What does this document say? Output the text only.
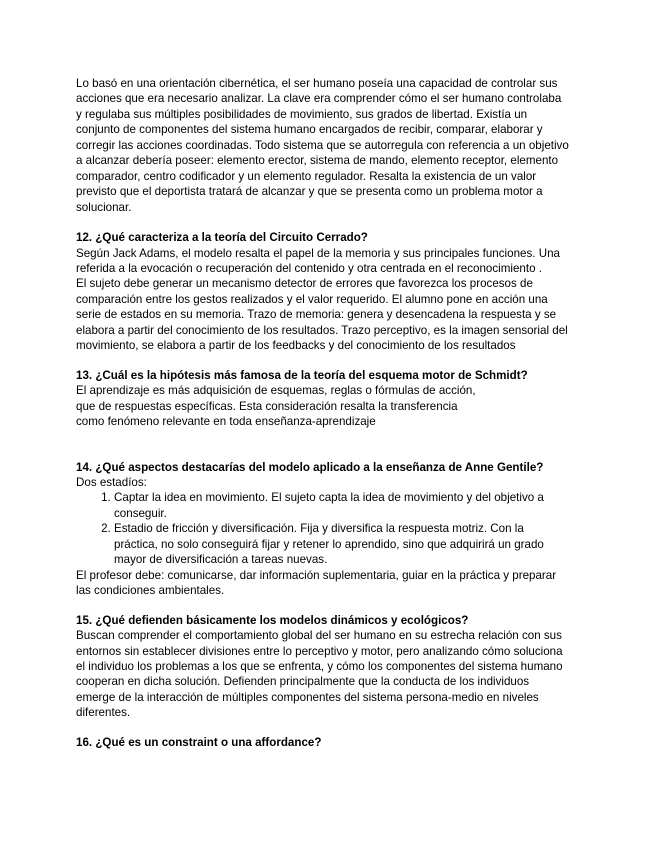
Lo basó en una orientación cibernética, el ser humano poseía una capacidad de controlar sus
acciones que era necesario analizar. La clave era comprender cómo el ser humano controlaba
y regulaba sus múltiples posibilidades de movimiento, sus grados de libertad. Existía un
conjunto de componentes del sistema humano encargados de recibir, comparar, elaborar y
corregir las acciones coordinadas. Todo sistema que se autorregula con referencia a un objetivo
a alcanzar debería poseer: elemento erector, sistema de mando, elemento receptor, elemento
comparador, centro codificador y un elemento regulador. Resalta la existencia de un valor
previsto que el deportista tratará de alcanzar y que se presenta como un problema motor a
solucionar.

12. ¿Qué caracteriza a la teoría del Circuito Cerrado?

Según Jack Adams, el modelo resalta el papel de la memoria y sus principales funciones. Una
referida a la evocación o recuperación del contenido y otra centrada en el reconocimiento .
El sujeto debe generar un mecanismo detector de errores que favorezca los procesos de
comparación entre los gestos realizados y el valor requerido. El alumno pone en acción una
serie de estados en su memoria. Trazo de memoria: genera y desencadena la respuesta y se
elabora a partir del conocimiento de los resultados. Trazo perceptivo, es la imagen sensorial del
movimiento, se elabora a partir de los feedbacks y del conocimiento de los resultados

13. ¿Cuál es la hipótesis más famosa de la teoría del esquema motor de Schmidt?

El aprendizaje es más adquisición de esquemas, reglas o fórmulas de acción,
que de respuestas específicas. Esta consideración resalta la transferencia
como fenómeno relevante en toda enseñanza-aprendizaje

14. ¿Qué aspectos destacarías del modelo aplicado a la enseñanza de Anne Gentile?

Dos estadíos:

1. Captar la idea en movimiento. El sujeto capta la idea de movimiento y del objetivo a
conseguir.
2. Estadio de fricción y diversificación. Fija y diversifica la respuesta motriz. Con la
práctica, no solo conseguirá fijar y retener lo aprendido, sino que adquirirá un grado
mayor de diversificación a tareas nuevas.

El profesor debe: comunicarse, dar información suplementaria, guiar en la práctica y preparar
las condiciones ambientales.

15. ¿Qué defienden básicamente los modelos dinámicos y ecológicos?

Buscan comprender el comportamiento global del ser humano en su estrecha relación con sus
entornos sin establecer divisiones entre lo perceptivo y motor, pero analizando cómo soluciona
el individuo los problemas a los que se enfrenta, y cómo los componentes del sistema humano
cooperan en dicha solución. Defienden principalmente que la conducta de los individuos
emerge de la interacción de múltiples componentes del sistema persona-medio en niveles
diferentes.

16. ¿Qué es un constraint o una affordance?
